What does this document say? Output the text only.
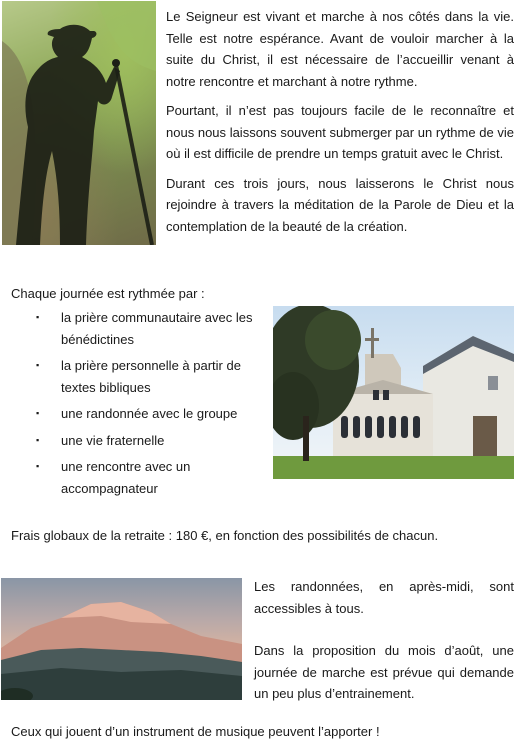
Le Seigneur est vivant et marche à nos côtés dans la vie. Telle est notre espérance. Avant de vouloir marcher à la suite du Christ, il est nécessaire de l’accueillir venant à notre rencontre et marchant à notre rythme.

Pourtant, il n’est pas toujours facile de le reconnaître et nous nous laissons souvent submerger par un rythme de vie où il est difficile de prendre un temps gratuit avec le Christ.

Durant ces trois jours, nous laisserons le Christ nous rejoindre à travers la méditation de la Parole de Dieu et la contemplation de la beauté de la création.

Chaque journée est rythmée par :

▪ la prière communautaire avec les bénédictines
▪ la prière personnelle à partir de textes bibliques
▪ une randonnée avec le groupe
▪ une vie fraternelle
▪ une rencontre avec un accompagnateur

Frais globaux de la retraite : 180 €, en fonction des possibilités de chacun.

Les randonnées, en après-midi, sont accessibles à tous.

Dans la proposition du mois d’août, une journée de marche est prévue qui demande un peu plus d’entrainement.

Ceux qui jouent d’un instrument de musique peuvent l’apporter !
